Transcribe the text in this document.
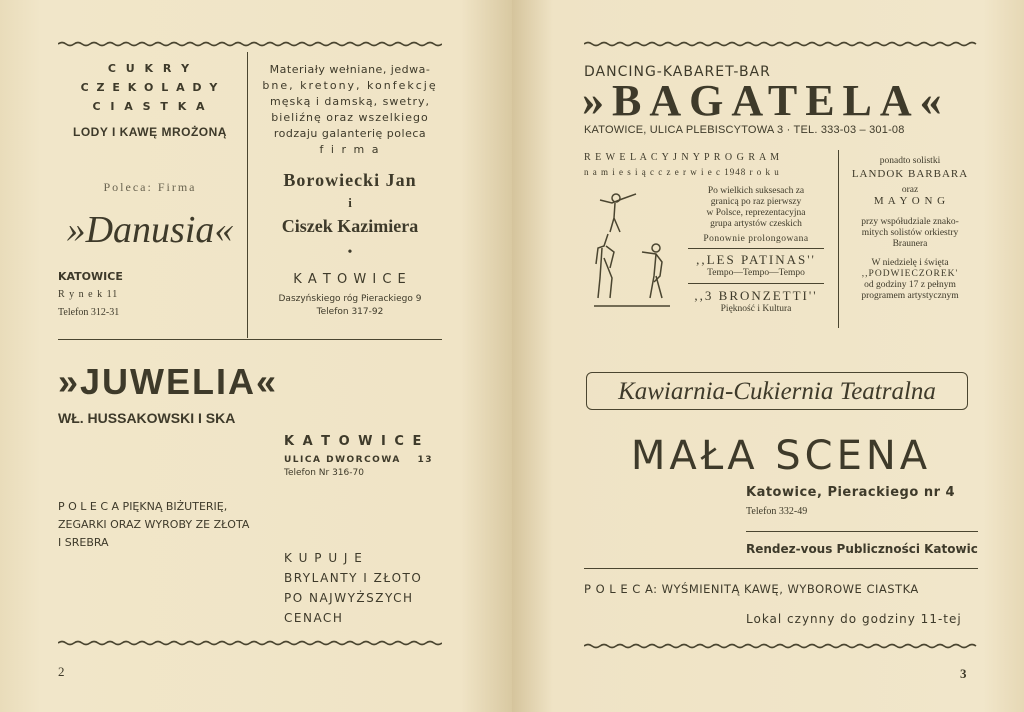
C U K R Y
C Z E K O L A D Y
C I A S T K A
LODY I KAWĘ MROŻONĄ
Poleca: Firma
»Danusia«
KATOWICE
R y n e k 11
Telefon 312-31
Materiały wełniane, jedwa-
bne, kretony, konfekcję
męską i damską, swetry,
bieliźnę oraz wszelkiego
rodzaju galanterię poleca
f i r m a
Borowiecki Jan
i
Ciszek Kazimiera
•
K A T O W I C E
Daszyńskiego róg Pierackiego 9
Telefon 317-92
»JUWELIA«
WŁ. HUSSAKOWSKI I SKA
K A T O W I C E
ULICA DWORCOWA 13
Telefon Nr 316-70
P O L E C A PIĘKNĄ BIŻUTERIĘ,
ZEGARKI ORAZ WYROBY ZE ZŁOTA
I SREBRA
K U P U J E
BRYLANTY I ZŁOTO
PO NAJWYŻSZYCH
CENACH
2
DANCING-KABARET-BAR
»BAGATELA«
KATOWICE, ULICA PLEBISCYTOWA 3 · TEL. 333-03 – 301-08
R E W E L A C Y J N Y P R O G R A M
n a m i e s i ą c c z e r w i e c 1948 r o k u
Po wielkich suksesach za
granicą po raz pierwszy
w Polsce, reprezentacyjna
grupa artystów czeskich
Ponownie prolongowana
,,LES PATINAS''
Tempo—Tempo—Tempo
,,3 BRONZETTI''
Piękność i Kultura
ponadto solistki
LANDOK BARBARA
oraz
M A Y O N G
przy współudziale znako-
mitych solistów orkiestry
Braunera
W niedzielę i święta
,,PODWIECZOREK'
od godziny 17 z pełnym
programem artystycznym
Kawiarnia-Cukiernia Teatralna
MAŁA SCENA
Katowice, Pierackiego nr 4
Telefon 332-49
Rendez-vous Publiczności Katowic
P O L E C A: WYŚMIENITĄ KAWĘ, WYBOROWE CIASTKA
Lokal czynny do godziny 11-tej
3
